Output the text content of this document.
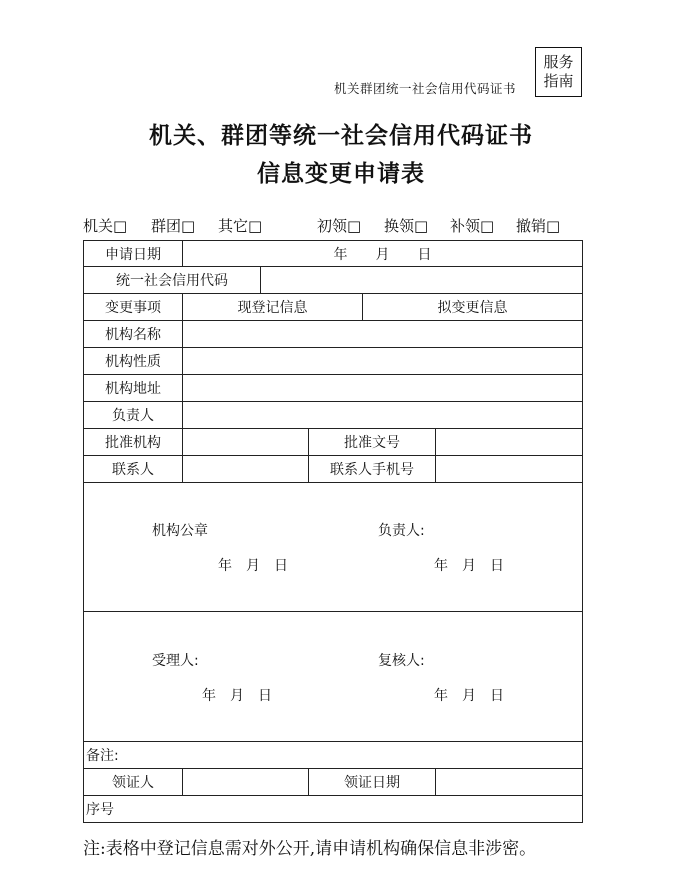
服务
指南
机关群团统一社会信用代码证书
机关、群团等统一社会信用代码证书
信息变更申请表
机关□ 群团□ 其它□	初领□ 换领□ 补领□ 撤销□
申请日期	年　　月　　日
统一社会信用代码
变更事项	现登记信息	拟变更信息
机构名称
机构性质
机构地址
负责人
批准机构	批准文号
联系人	联系人手机号
机构公章	负责人:
年　月　日	年　月　日
受理人:	复核人:
年　月　日	年　月　日
备注:
领证人	领证日期
序号
注:表格中登记信息需对外公开,请申请机构确保信息非涉密。
